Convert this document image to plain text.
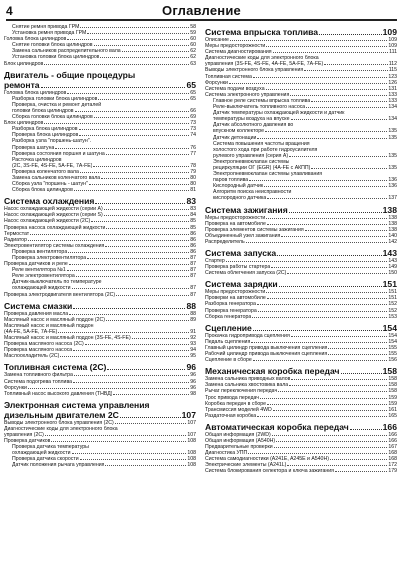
4	Оглавление
Снятие ремня привода ГРМ	58
Установка ремня привода ГРМ	59
Головка блока цилиндров	60
Снятие головки блока цилиндров	60
Замена сальников распределительного вала	62
Установка головки блока цилиндров	62
Блок цилиндров	63
Двигатель - общие процедуры
ремонта	65
Головка блока цилиндров	65
Разборка головки блока цилиндров	65
Проверка, очистка и ремонт деталей
головки блока цилиндров	66
Сборка головки блока цилиндров	69
Блок цилиндров	73
Разборка блока цилиндров	73
Проверка блока цилиндров	74
Разборка узла "поршень-шатун".
Проверка шатуна	76
Проверка состояния поршня и шатуна	77
Расточка цилиндров
(2С, 3S-FE, 4S-FE, 5A-FE, 7A-FE)	78
Проверка коленчатого вала	79
Замена сальников коленчатого вала	80
Сборка узла "поршень - шатун"	80
Сборка блока цилиндров	81
Система охлаждения	83
Насос охлаждающей жидкости (серии А)	83
Насос охлаждающей жидкости (серии S)	84
Насос охлаждающей жидкости (2С)	85
Проверка насоса охлаждающей жидкости	85
Термостат	86
Радиатор	86
Электровентилятор системы охлаждения	86
Проверка вентилятора	86
Проверка электровентилятора	87
Проверка датчиков и реле	87
Реле вентилятора №1	87
Реле электровентилятора	87
Датчик-выключатель по температуре
охлаждающей жидкости	87
Проверка электродвигателя вентилятора (2С)	87
Система смазки	88
Проверка давления масла	88
Масляный насос и масляный поддон (2С)	89
Масляный насос и масляный поддон
(4A-FE, 5A-FE, 7A-FE)	91
Масляный насос и масляный поддон (3S-FE, 4S-FE)	92
Проверка масляного насоса (2С)	93
Проверка масляного насоса	94
Маслоохладитель (2С)	95
Топливная система (2С)	96
Замена топливного фильтра	96
Система подогрева топлива	96
Форсунки	96
Топливный насос высокого давления (ТНВД)	98
Электронная система управления
дизельным двигателем 2С	107
Выводы электронного блока управления (2С)	107
Диагностические коды для электронного блока
управления (2С)	107
Проверка датчиков	108
Проверка датчика температуры
охлаждающей жидкости	108
Проверка датчика скорости	108
Датчик положения рычага управления	108
Система впрыска топлива	109
Описание	109
Меры предосторожности	109
Система диагностирования	111
Диагностические коды для электронного блока
управления (3S-FE, 4S-FE, 4A-FE, 5A-FE, 7A-FE)	112
Выводы электронного блока управления	115
Топливная система	123
Форсунки	126
Система подачи воздуха	131
Система электронного управления	133
Главное реле системы впрыска топлива	133
Реле-выключатель топливного насоса	134
Датчик температуры охлаждающей жидкости и датчик
температуры воздуха на впуске	134
Датчик абсолютного давления во
впускном коллекторе	135
Датчик детонации	135
Система повышения частоты вращения
холостого хода при работе гидроусилителя
рулевого управления (серия A)	135
Электропневмоклапан системы
рециркуляции ОГ (EGR) (4A-FE с АКПП)	135
Электропневмоклапан системы улавливания
паров топлива	136
Кислородный датчик	136
Алгоритм поиска неисправности
кислородного датчика	137
Система зажигания	138
Меры предосторожности	138
Проверка на автомобиле	138
Проверка элементов системы зажигания	138
Объединенный узел зажигания	140
Распределитель	142
Система запуска	143
Стартер	143
Проверка работы стартера	149
Система облегчения запуска (2С)	150
Система зарядки	151
Меры предосторожности	151
Проверки на автомобиле	151
Разборка генератора	152
Проверка генератора	152
Сборка генератора	153
Сцепление	154
Прокачка гидропривода сцепления	154
Педаль сцепления	154
Главный цилиндр привода выключения сцепления	155
Рабочий цилиндр привода выключения сцепления	155
Сцепление в сборе	156
Механическая коробка передач	158
Замена сальника приводных валов	158
Замена сальника хвостовика вала	158
Рычаг переключения передач	158
Трос привода передач	159
Коробка передач в сборе	159
Трансмиссия моделей 4WD	161
Раздаточная коробка	165
Автоматическая коробка передач	166
Общая информация (2WD)	166
Общая информация (A540H)	166
Предварительные проверки	167
Диагностика УПП	168
Система самодиагностики (A241E, A245E и A540H)	168
Электрические элементы (A241L)	172
Система блокирования селектора и ключа зажигания	179
